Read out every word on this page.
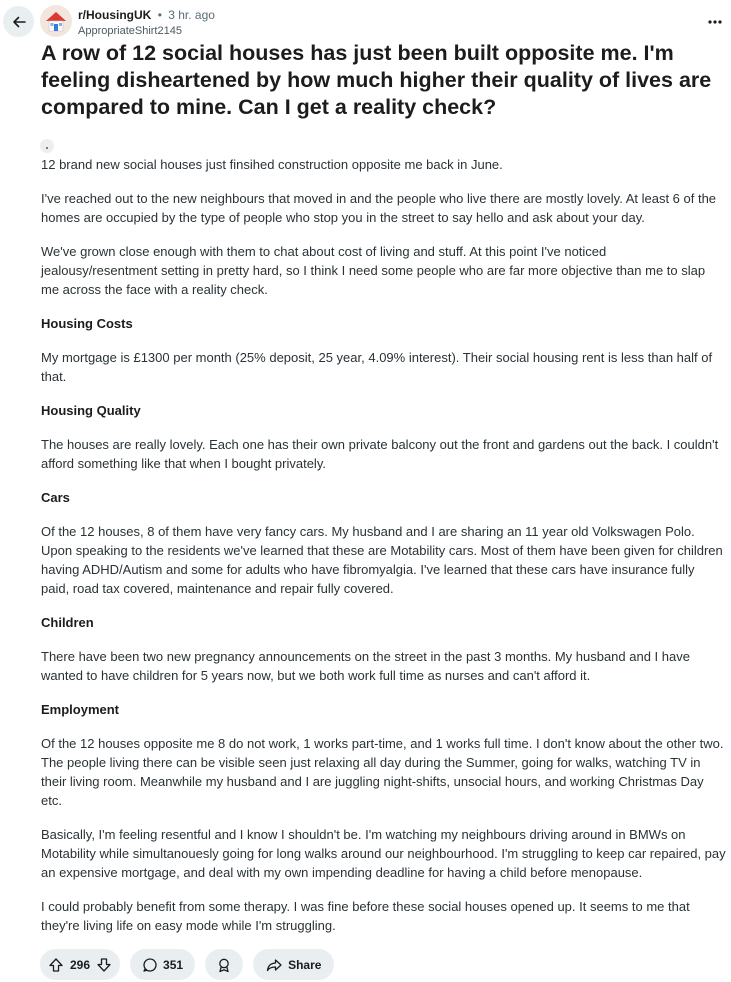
r/HousingUK • 3 hr. ago
AppropriateShirt2145
A row of 12 social houses has just been built opposite me. I'm feeling disheartened by how much higher their quality of lives are compared to mine. Can I get a reality check?

12 brand new social houses just finsihed construction opposite me back in June.

I've reached out to the new neighbours that moved in and the people who live there are mostly lovely. At least 6 of the homes are occupied by the type of people who stop you in the street to say hello and ask about your day.

We've grown close enough with them to chat about cost of living and stuff. At this point I've noticed jealousy/resentment setting in pretty hard, so I think I need some people who are far more objective than me to slap me across the face with a reality check.

Housing Costs

My mortgage is £1300 per month (25% deposit, 25 year, 4.09% interest). Their social housing rent is less than half of that.

Housing Quality

The houses are really lovely. Each one has their own private balcony out the front and gardens out the back. I couldn't afford something like that when I bought privately.

Cars

Of the 12 houses, 8 of them have very fancy cars. My husband and I are sharing an 11 year old Volkswagen Polo. Upon speaking to the residents we've learned that these are Motability cars. Most of them have been given for children having ADHD/Autism and some for adults who have fibromyalgia. I've learned that these cars have insurance fully paid, road tax covered, maintenance and repair fully covered.

Children

There have been two new pregnancy announcements on the street in the past 3 months. My husband and I have wanted to have children for 5 years now, but we both work full time as nurses and can't afford it.

Employment

Of the 12 houses opposite me 8 do not work, 1 works part-time, and 1 works full time. I don't know about the other two. The people living there can be visible seen just relaxing all day during the Summer, going for walks, watching TV in their living room. Meanwhile my husband and I are juggling night-shifts, unsocial hours, and working Christmas Day etc.

Basically, I'm feeling resentful and I know I shouldn't be. I'm watching my neighbours driving around in BMWs on Motability while simultanouesly going for long walks around our neighbourhood. I'm struggling to keep car repaired, pay an expensive mortgage, and deal with my own impending deadline for having a child before menopause.

I could probably benefit from some therapy. I was fine before these social houses opened up. It seems to me that they're living life on easy mode while I'm struggling.

296	351	Share
